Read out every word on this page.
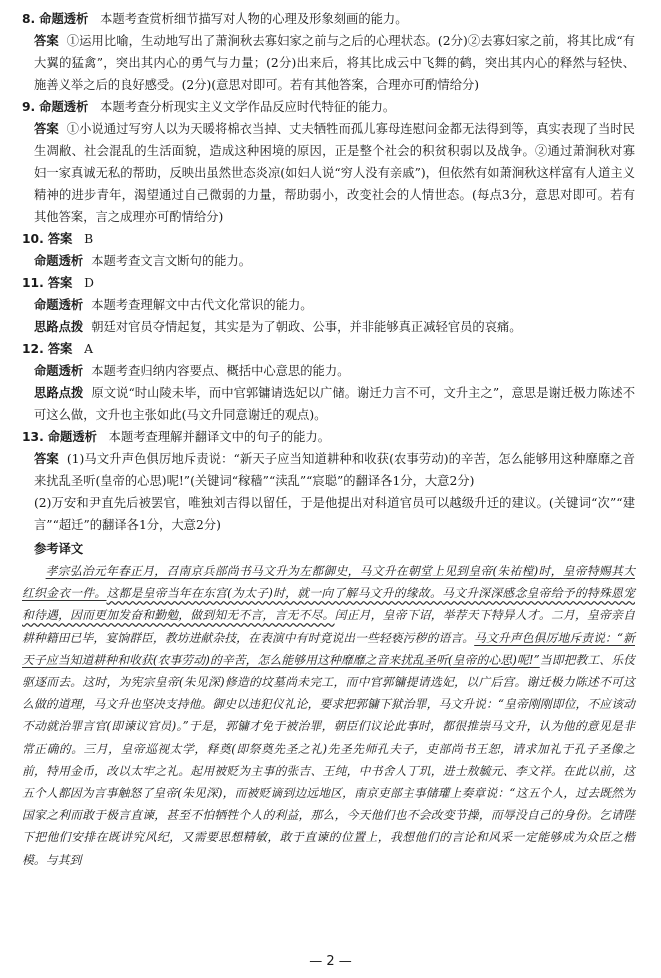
8. 命题透析 本题考查赏析细节描写对人物的心理及形象刻画的能力。

答案 ①运用比喻，生动地写出了萧涧秋去寡妇家之前与之后的心理状态。(2分)②去寡妇家之前，将其比成“有大翼的猛禽”，突出其内心的勇气与力量；(2分)出来后，将其比成云中飞舞的鹤，突出其内心的释然与轻快、施善义举之后的良好感受。(2分)(意思对即可。若有其他答案，合理亦可酌情给分)

9. 命题透析 本题考查分析现实主义文学作品反应时代特征的能力。

答案 ①小说通过写穷人以为天暖将棉衣当掉、丈夫牺牲而孤儿寡母连慰问金都无法得到等，真实表现了当时民生凋敝、社会混乱的生活面貌，造成这种困境的原因，正是整个社会的积贫积弱以及战争。②通过萧涧秋对寡妇一家真诚无私的帮助，反映出虽然世态炎凉(如妇人说“穷人没有亲戚”)，但依然有如萧涧秋这样富有人道主义精神的进步青年，渴望通过自己微弱的力量，帮助弱小，改变社会的人情世态。(每点3分，意思对即可。若有其他答案，言之成理亦可酌情给分)

10. 答案 B

命题透析 本题考查文言文断句的能力。

11. 答案 D

命题透析 本题考查理解文中古代文化常识的能力。

思路点拨 朝廷对官员夺情起复，其实是为了朝政、公事，并非能够真正减轻官员的哀痛。

12. 答案 A

命题透析 本题考查归纳内容要点、概括中心意思的能力。

思路点拨 原文说“时山陵未毕，而中官郭镛请选妃以广储。谢迁力言不可，文升主之”，意思是谢迁极力陈述不可这么做，文升也主张如此(马文升同意谢迁的观点)。

13. 命题透析 本题考查理解并翻译文中的句子的能力。

答案 (1)马文升声色俱厉地斥责说：“新天子应当知道耕种和收获(农事劳动)的辛苦，怎么能够用这种靡靡之音来扰乱圣听(皇帝的心思)呢!”(关键词“稼穑”“渎乱”“宸聪”的翻译各1分，大意2分)

(2)万安和尹直先后被罢官，唯独刘吉得以留任，于是他提出对科道官员可以越级升迁的建议。(关键词“次”“建言”“超迁”的翻译各1分，大意2分)

参考译文

孝宗弘治元年春正月，召南京兵部尚书马文升为左都御史，马文升在朝堂上见到皇帝(朱祐樘)时，皇帝特赐其大红织金衣一件。这都是皇帝当年在东宫(为太子)时，就一向了解马文升的缘故。马文升深深感念皇帝给予的特殊恩宠和待遇，因而更加发奋和勤勉，做到知无不言，言无不尽。闰正月，皇帝下诏，举荐天下特异人才。二月，皇帝亲自耕种籍田已毕，宴饷群臣，教坊进献杂技，在表演中有时竟说出一些轻亵污秽的语言。马文升声色俱厉地斥责说：“新天子应当知道耕种和收获(农事劳动)的辛苦，怎么能够用这种靡靡之音来扰乱圣听(皇帝的心思)呢!”当即把教工、乐伎驱逐而去。这时，为宪宗皇帝(朱见深)修造的坟墓尚未完工，而中官郭镛提请选妃，以广后宫。谢迁极力陈述不可这么做的道理，马文升也坚决支持他。御史以违犯仪礼论，要求把郭镛下狱治罪，马文升说：“皇帝刚刚即位，不应该动不动就治罪言官(即谏议官员)。”于是，郭镛才免于被治罪，朝臣们议论此事时，都很推崇马文升，认为他的意见是非常正确的。三月，皇帝巡视太学，释奠(即祭奠先圣之礼)先圣先师孔夫子，吏部尚书王恕，请求加礼于孔子圣像之前，特用金币，改以太牢之礼。起用被贬为主事的张吉、王纯，中书舍人丁玑，进士敖毓元、李文祥。在此以前，这五个人都因为言事触怒了皇帝(朱见深)，而被贬谪到边远地区，南京吏部主事储瓘上奏章说：“这五个人，过去既然为国家之利而敢于极言直谏，甚至不怕牺牲个人的利益，那么，今天他们也不会改变节操，而辱没自己的身份。乞请陛下把他们安排在既讲究风纪，又需要思想精敏，敢于直谏的位置上，我想他们的言论和风采一定能够成为众臣之楷模。与其到

— 2 —
